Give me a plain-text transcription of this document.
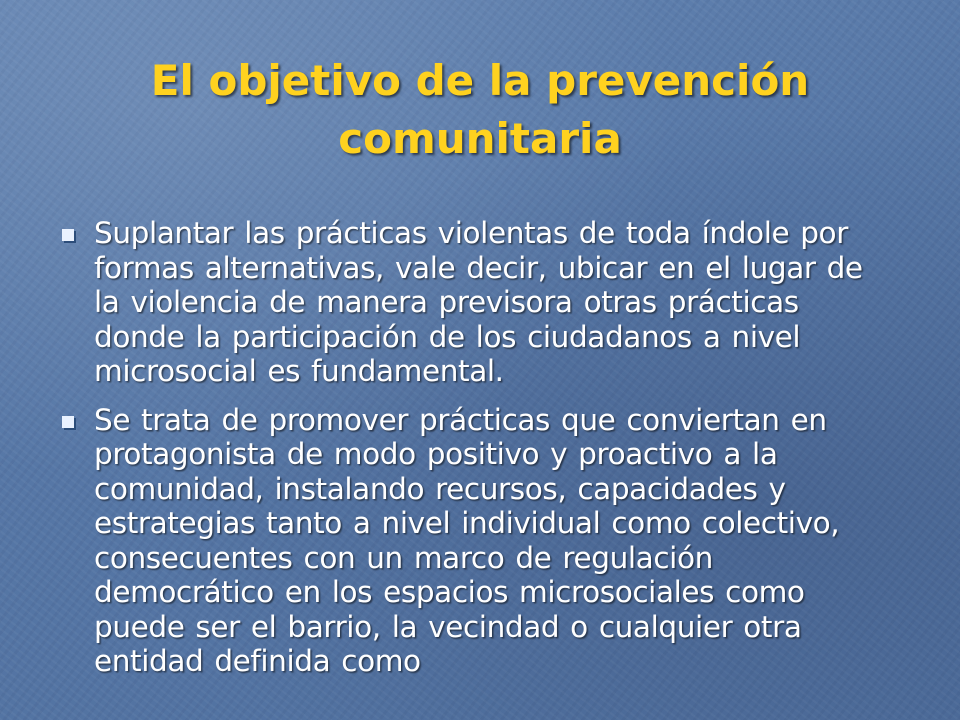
El objetivo de la prevención comunitaria
Suplantar las prácticas violentas de toda índole por formas alternativas, vale decir, ubicar en el lugar de la violencia de manera previsora otras prácticas donde la participación de los ciudadanos a nivel microsocial es fundamental.
Se trata de promover prácticas que conviertan en protagonista de modo positivo y proactivo a la comunidad, instalando recursos, capacidades y estrategias tanto a nivel individual como colectivo, consecuentes con un marco de regulación democrático en los espacios microsociales como puede ser el barrio, la vecindad o cualquier otra entidad definida como
